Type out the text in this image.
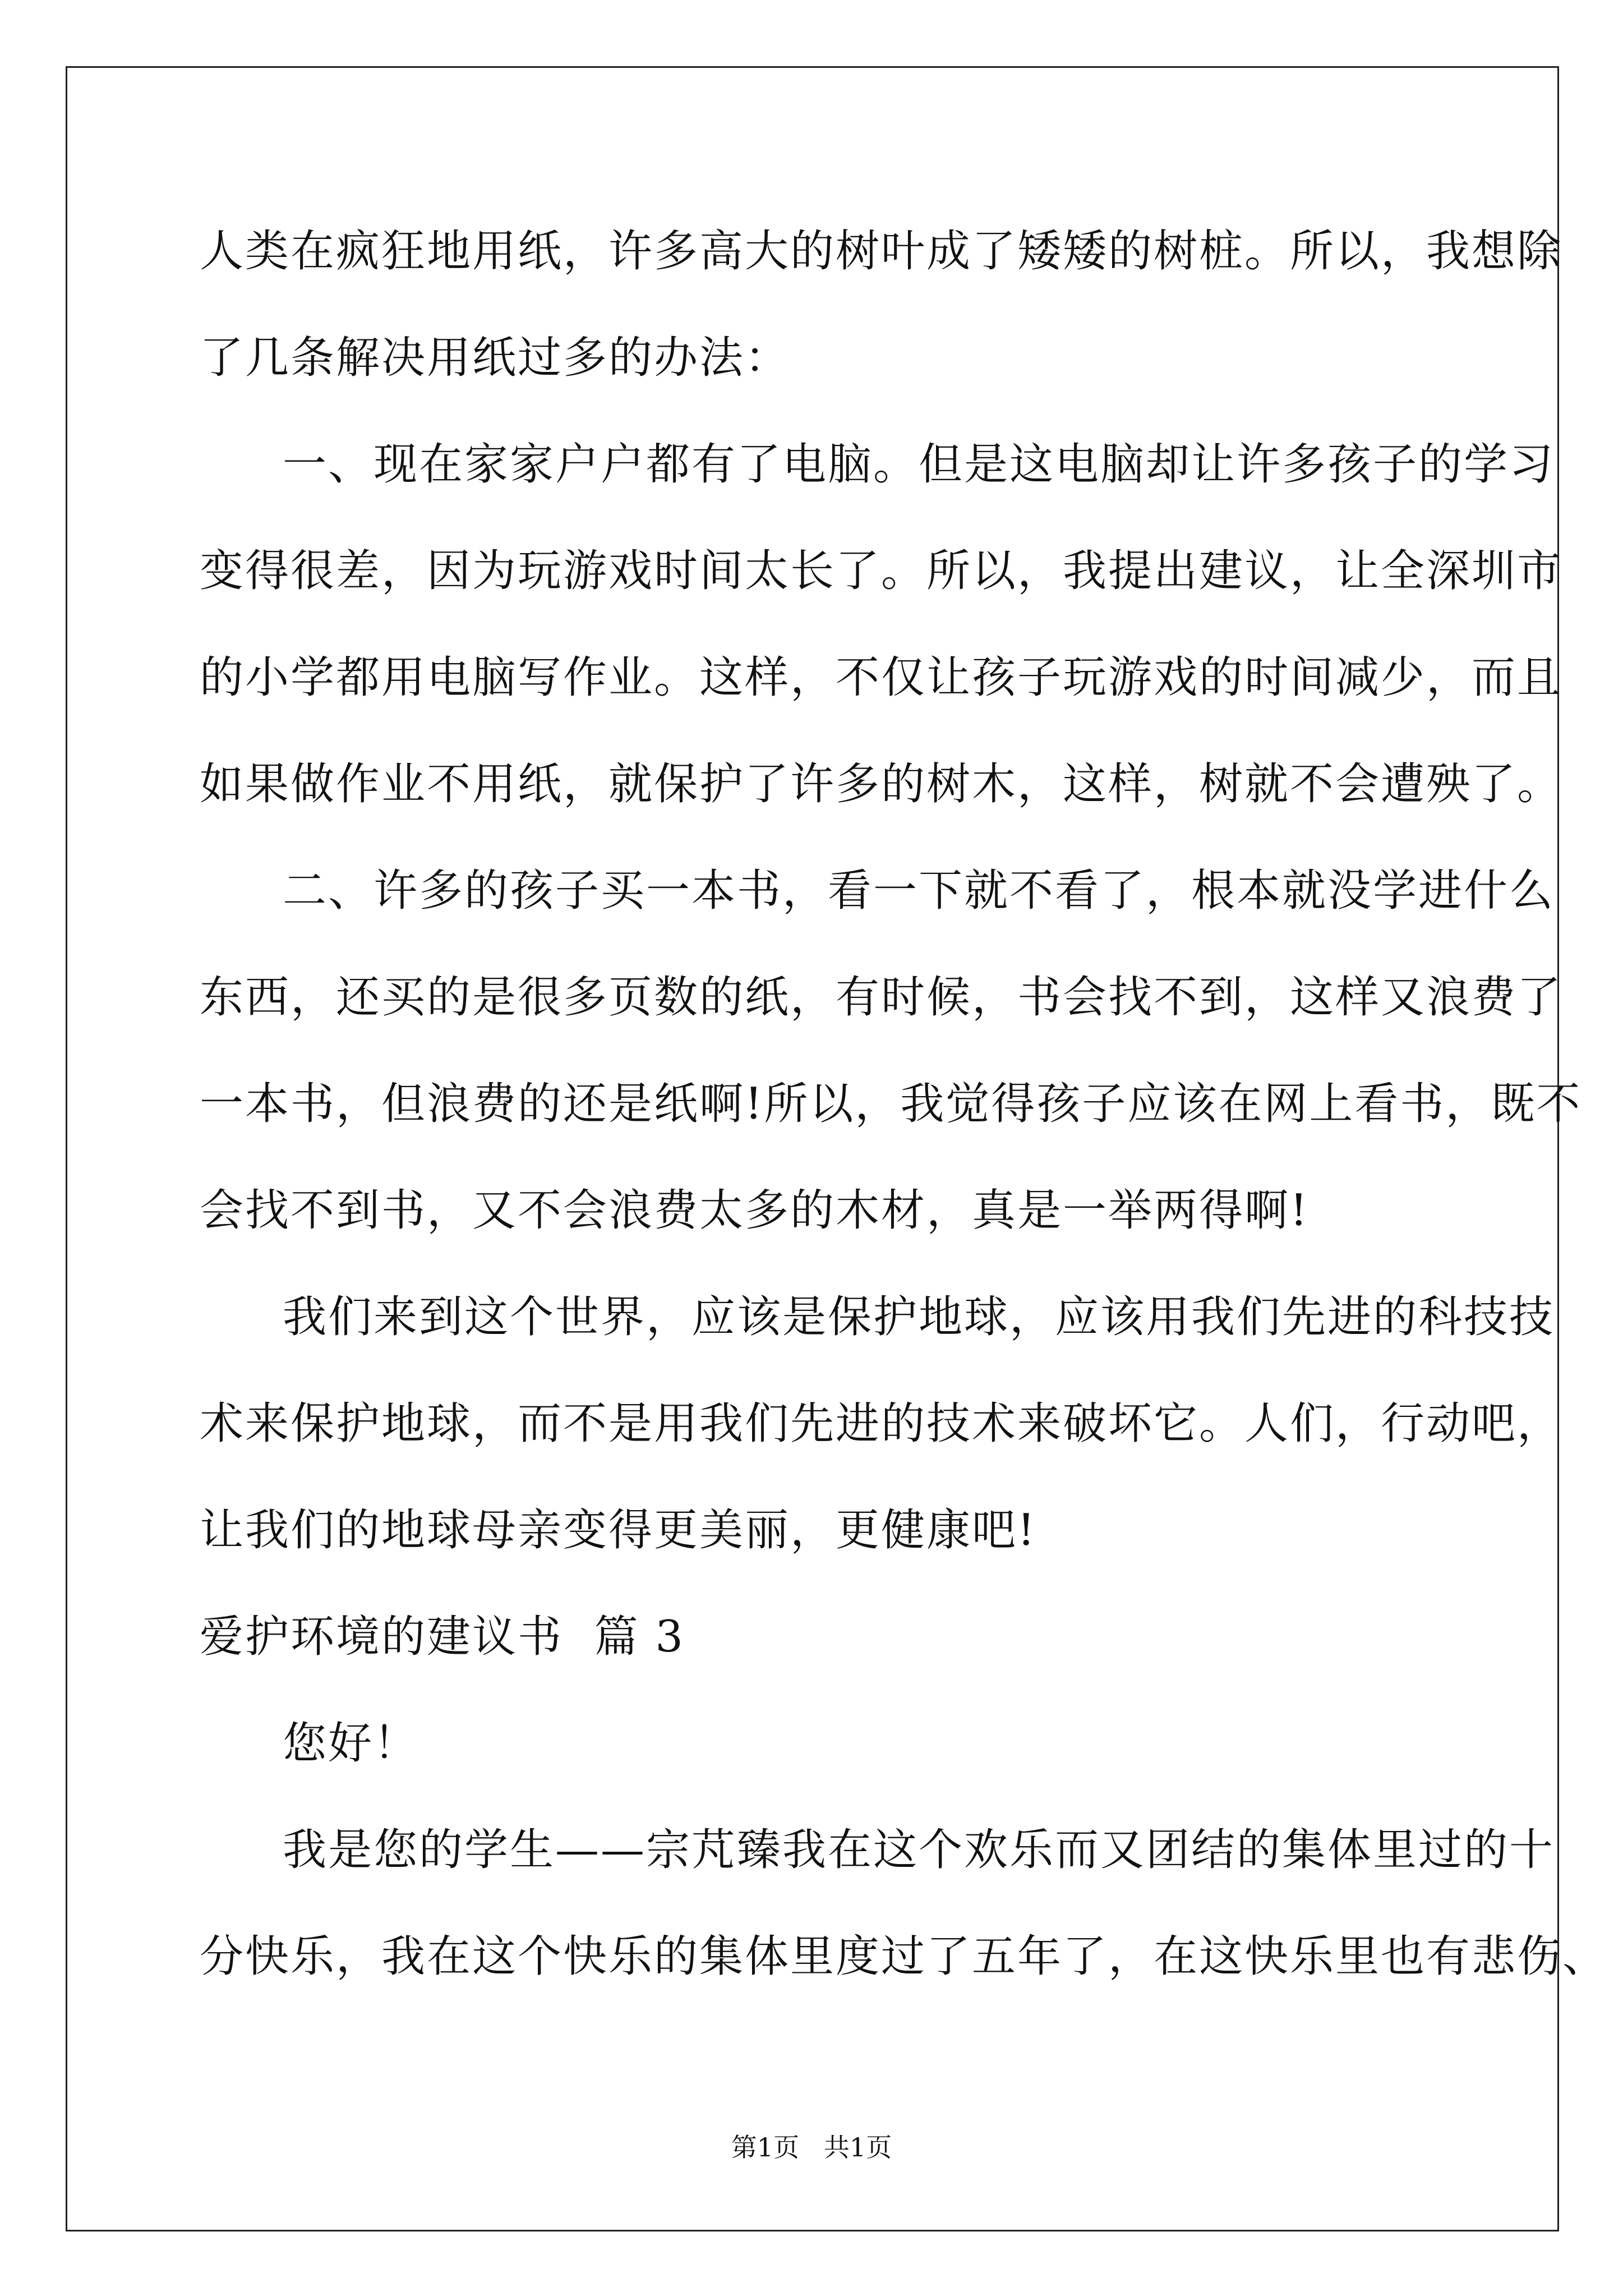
人类在疯狂地用纸，许多高大的树叶成了矮矮的树桩。所以，我想除
了几条解决用纸过多的办法：
一、现在家家户户都有了电脑。但是这电脑却让许多孩子的学习
变得很差，因为玩游戏时间太长了。所以，我提出建议，让全深圳市
的小学都用电脑写作业。这样，不仅让孩子玩游戏的时间减少，而且
如果做作业不用纸，就保护了许多的树木，这样，树就不会遭殃了。
二、许多的孩子买一本书，看一下就不看了，根本就没学进什么
东西，还买的是很多页数的纸，有时候，书会找不到，这样又浪费了
一本书，但浪费的还是纸啊!所以，我觉得孩子应该在网上看书，既不
会找不到书，又不会浪费太多的木材，真是一举两得啊!
我们来到这个世界，应该是保护地球，应该用我们先进的科技技
术来保护地球，而不是用我们先进的技术来破坏它。人们，行动吧，
让我们的地球母亲变得更美丽，更健康吧!
爱护环境的建议书  篇 3
您好！
我是您的学生——宗芃臻我在这个欢乐而又团结的集体里过的十
分快乐，我在这个快乐的集体里度过了五年了，在这快乐里也有悲伤、
第1页   共1页
